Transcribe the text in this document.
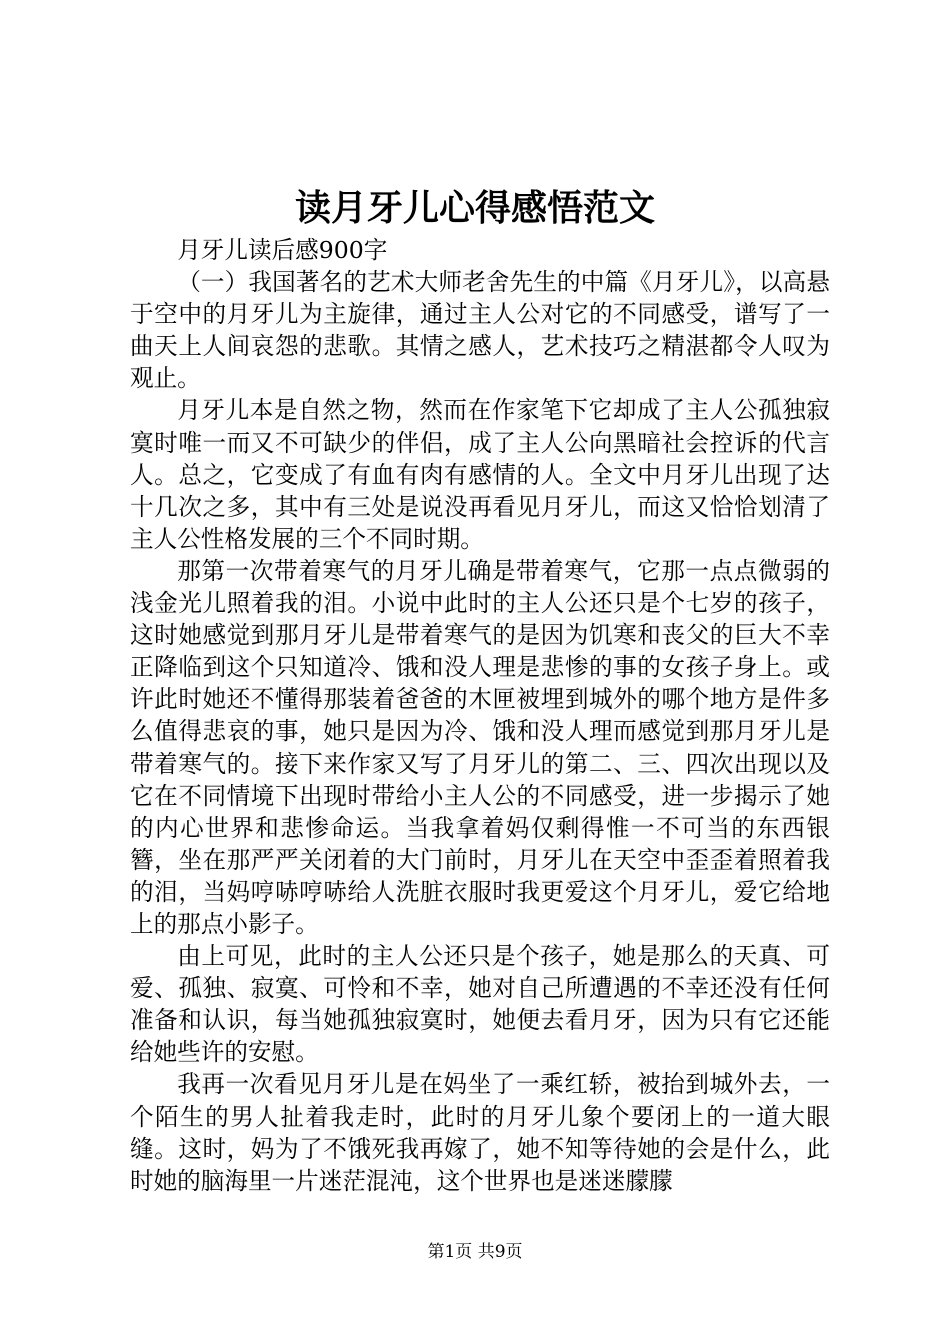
读月牙儿心得感悟范文

月牙儿读后感900字

（一）我国著名的艺术大师老舍先生的中篇《月牙儿》，以高悬于空中的月牙儿为主旋律，通过主人公对它的不同感受，谱写了一曲天上人间哀怨的悲歌。其情之感人，艺术技巧之精湛都令人叹为观止。

月牙儿本是自然之物，然而在作家笔下它却成了主人公孤独寂寞时唯一而又不可缺少的伴侣，成了主人公向黑暗社会控诉的代言人。总之，它变成了有血有肉有感情的人。全文中月牙儿出现了达十几次之多，其中有三处是说没再看见月牙儿，而这又恰恰划清了主人公性格发展的三个不同时期。

那第一次带着寒气的月牙儿确是带着寒气，它那一点点微弱的浅金光儿照着我的泪。小说中此时的主人公还只是个七岁的孩子，这时她感觉到那月牙儿是带着寒气的是因为饥寒和丧父的巨大不幸正降临到这个只知道冷、饿和没人理是悲惨的事的女孩子身上。或许此时她还不懂得那装着爸爸的木匣被埋到城外的哪个地方是件多么值得悲哀的事，她只是因为冷、饿和没人理而感觉到那月牙儿是带着寒气的。接下来作家又写了月牙儿的第二、三、四次出现以及它在不同情境下出现时带给小主人公的不同感受，进一步揭示了她的内心世界和悲惨命运。当我拿着妈仅剩得惟一不可当的东西银簪，坐在那严严关闭着的大门前时，月牙儿在天空中歪歪着照着我的泪，当妈哼哧哼哧给人洗脏衣服时我更爱这个月牙儿，爱它给地上的那点小影子。

由上可见，此时的主人公还只是个孩子，她是那么的天真、可爱、孤独、寂寞、可怜和不幸，她对自己所遭遇的不幸还没有任何准备和认识，每当她孤独寂寞时，她便去看月牙，因为只有它还能给她些许的安慰。

我再一次看见月牙儿是在妈坐了一乘红轿，被抬到城外去，一个陌生的男人扯着我走时，此时的月牙儿象个要闭上的一道大眼缝。这时，妈为了不饿死我再嫁了，她不知等待她的会是什么，此时她的脑海里一片迷茫混沌，这个世界也是迷迷朦朦

第1页 共9页
